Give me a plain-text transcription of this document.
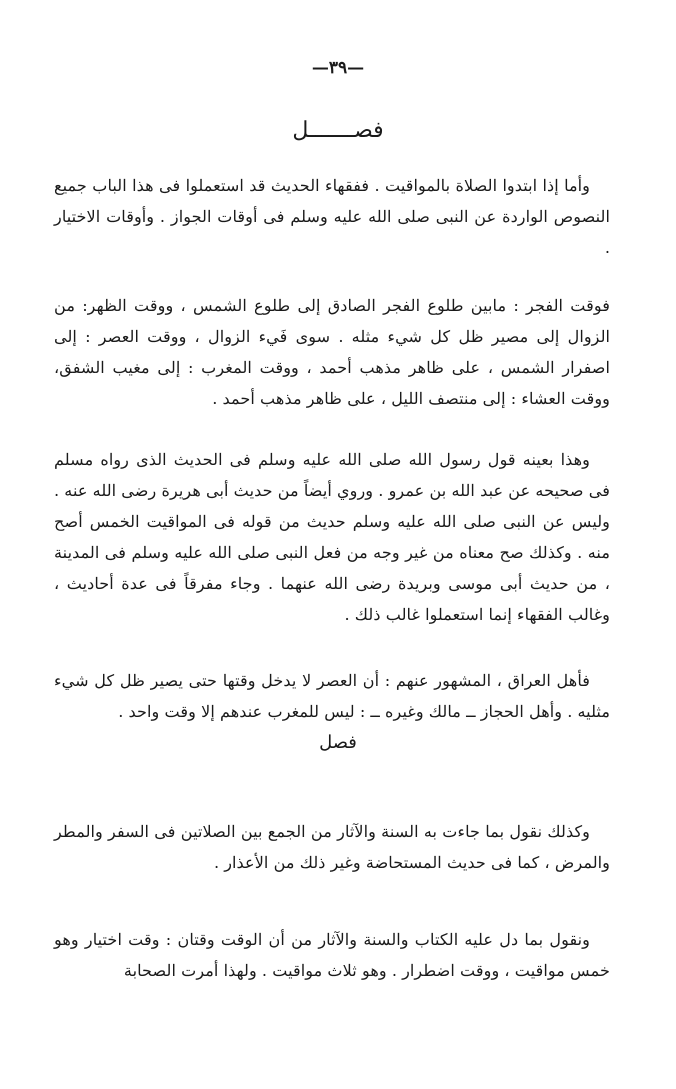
—٣٩—
فصـــــــل

وأما إذا ابتدوا الصلاة بالمواقيت . ففقهاء الحديث قد استعملوا فى هذا الباب جميع النصوص الواردة عن النبى صلى الله عليه وسلم فى أوقات الجواز . وأوقات الاختيار .

فوقت الفجر : مابين طلوع الفجر الصادق إلى طلوع الشمس ، ووقت الظهر: من الزوال إلى مصير ظل كل شيء مثله . سوى فَيء الزوال ، ووقت العصر : إلى اصفرار الشمس ، على ظاهر مذهب أحمد ، ووقت المغرب : إلى مغيب الشفق، ووقت العشاء : إلى منتصف الليل ، على ظاهر مذهب أحمد .

وهذا بعينه قول رسول الله صلى الله عليه وسلم فى الحديث الذى رواه مسلم فى صحيحه عن عبد الله بن عمرو . وروي أيضاً من حديث أبى هريرة رضى الله عنه . وليس عن النبى صلى الله عليه وسلم حديث من قوله فى المواقيت الخمس أصح منه . وكذلك صح معناه من غير وجه من فعل النبى صلى الله عليه وسلم فى المدينة ، من حديث أبى موسى وبريدة رضى الله عنهما . وجاء مفرقاً فى عدة أحاديث ، وغالب الفقهاء إنما استعملوا غالب ذلك .

فأهل العراق ، المشهور عنهم : أن العصر لا يدخل وقتها حتى يصير ظل كل شيء مثليه . وأهل الحجاز ــ مالك وغيره ــ : ليس للمغرب عندهم إلا وقت واحد .

فصل

وكذلك نقول بما جاءت به السنة والآثار من الجمع بين الصلاتين فى السفر والمطر والمرض ، كما فى حديث المستحاضة وغير ذلك من الأعذار .

ونقول بما دل عليه الكتاب والسنة والآثار من أن الوقت وقتان : وقت اختيار وهو خمس مواقيت ، ووقت اضطرار . وهو ثلاث مواقيت . ولهذا أمرت الصحابة
